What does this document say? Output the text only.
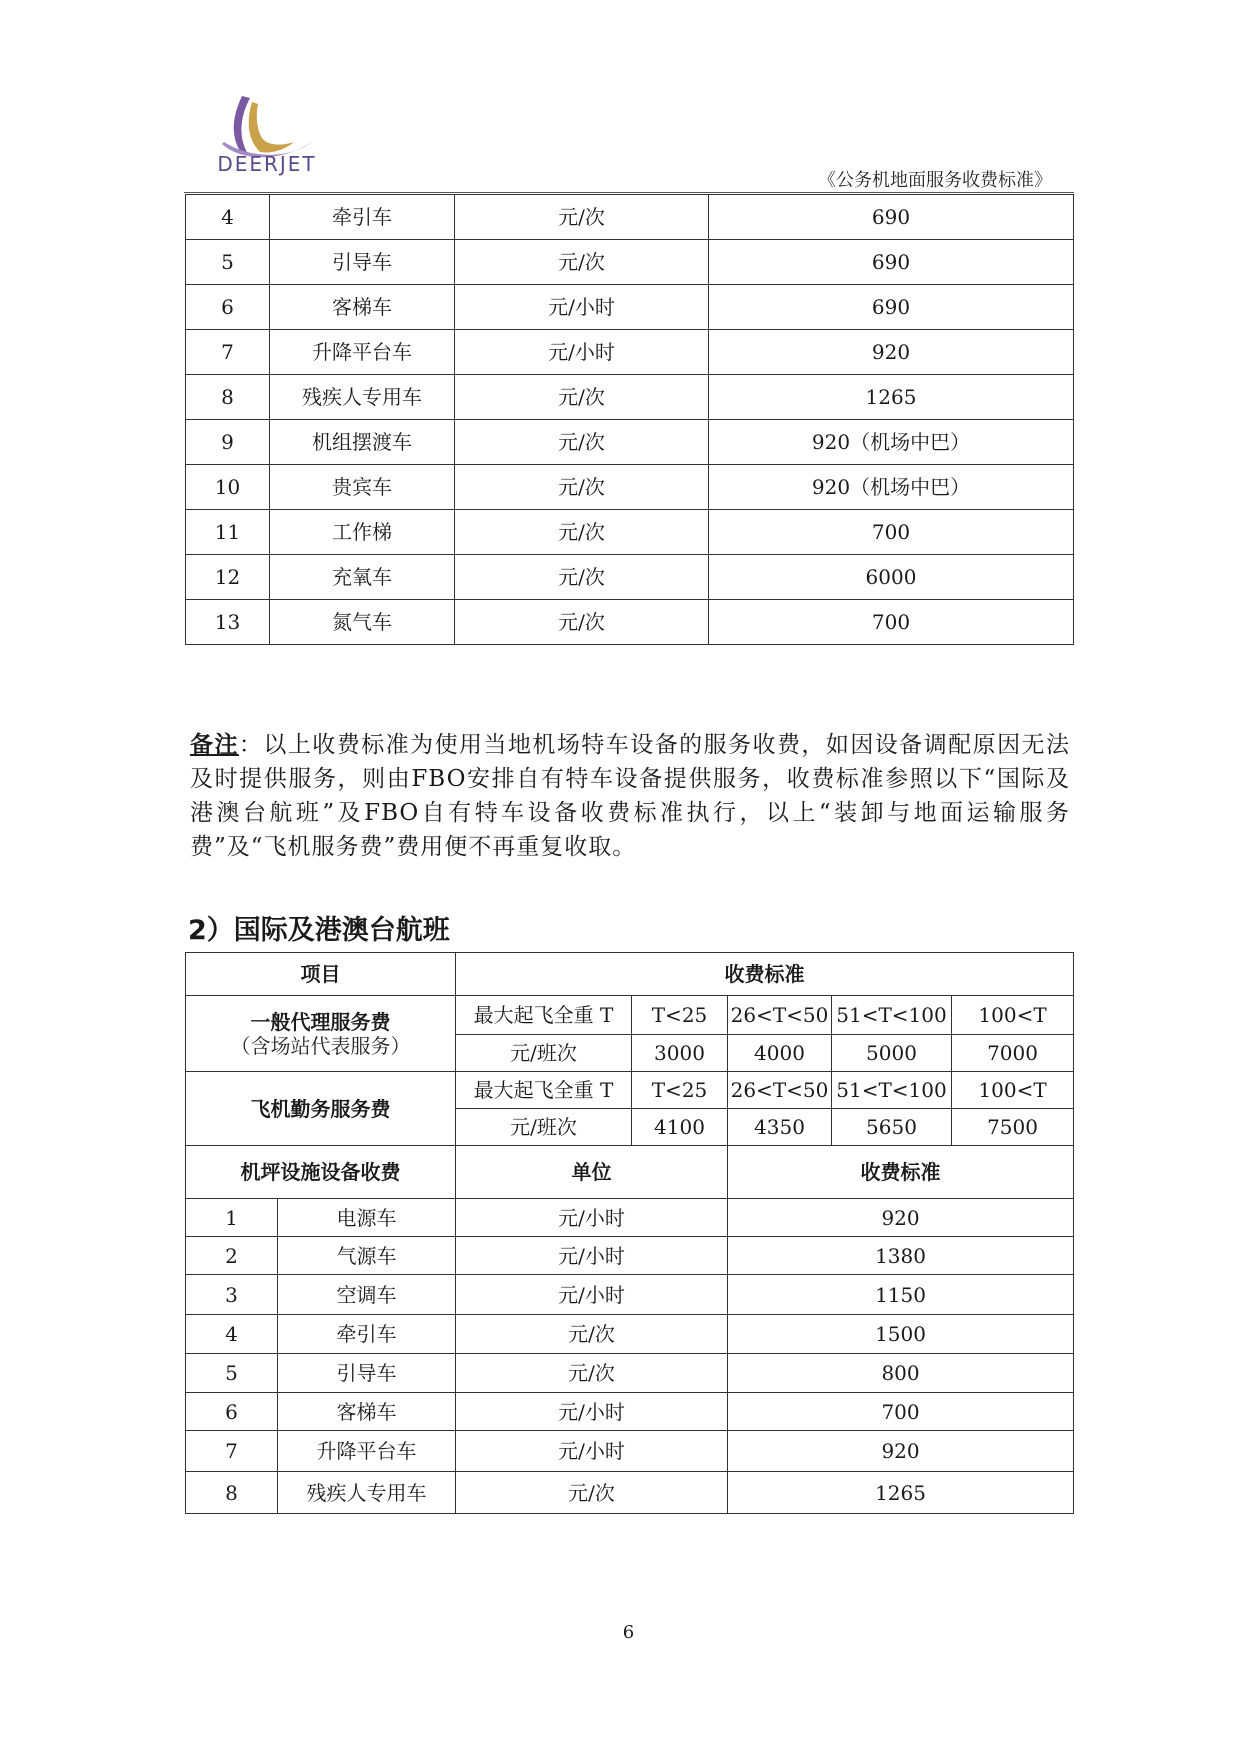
DEERJET
《公务机地面服务收费标准》
4	牵引车	元/次	690
5	引导车	元/次	690
6	客梯车	元/小时	690
7	升降平台车	元/小时	920
8	残疾人专用车	元/次	1265
9	机组摆渡车	元/次	920（机场中巴）
10	贵宾车	元/次	920（机场中巴）
11	工作梯	元/次	700
12	充氧车	元/次	6000
13	氮气车	元/次	700
备注：以上收费标准为使用当地机场特车设备的服务收费，如因设备调配原因无法及时提供服务，则由FBO安排自有特车设备提供服务，收费标准参照以下“国际及港澳台航班”及FBO自有特车设备收费标准执行，以上“装卸与地面运输服务费”及“飞机服务费”费用便不再重复收取。
2）国际及港澳台航班
项目		收费标准				

一般代理服务费
（含场站代表服务）		最大起飞全重 T	T<25	26<T<50	51<T<100	100<T
		元/班次	3000	4000	5000	7000
飞机勤务服务费		最大起飞全重 T	T<25	26<T<50	51<T<100	100<T
		元/班次	4100	4350	5650	7500
机坪设施设备收费		单位		收费标准		
1	电源车	元/小时		920		
2	气源车	元/小时		1380		
3	空调车	元/小时		1150		
4	牵引车	元/次		1500		
5	引导车	元/次		800		
6	客梯车	元/小时		700		
7	升降平台车	元/小时		920		
8	残疾人专用车	元/次		1265		
6
